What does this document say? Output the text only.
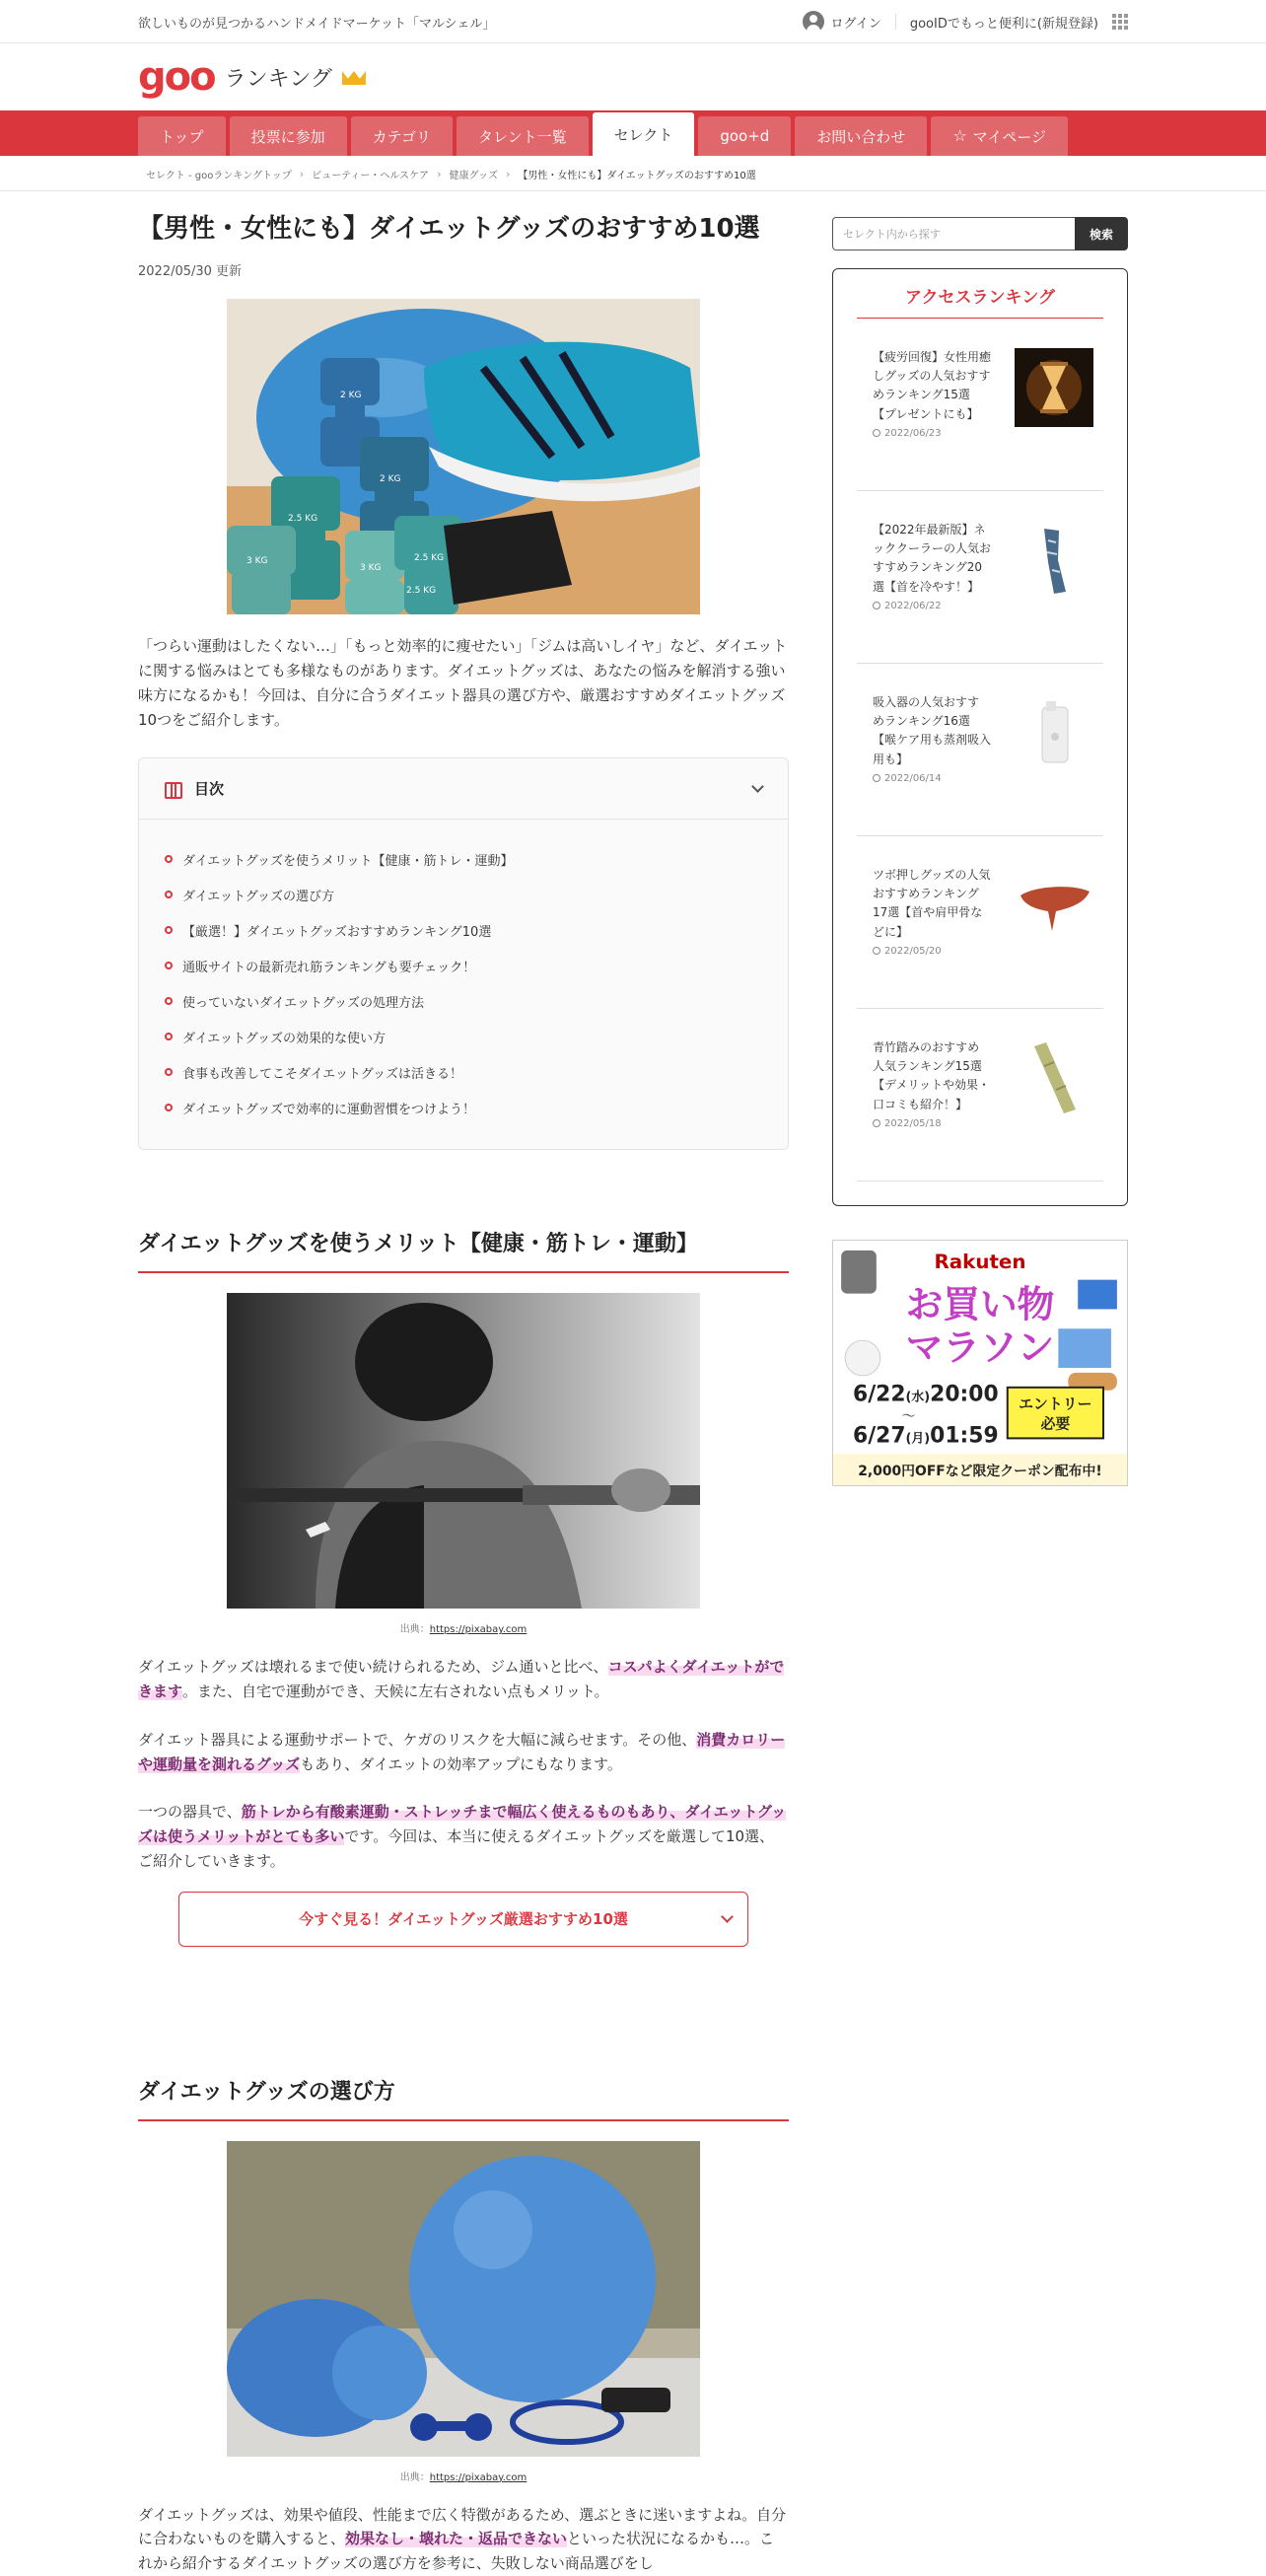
欲しいものが見つかるハンドメイドマーケット「マルシェル」	ログイン gooIDでもっと便利に(新規登録)
goo ランキング
トップ	投票に参加	カテゴリ	タレント一覧	セレクト	goo+d	お問い合わせ	☆ マイページ
セレクト - gooランキングトップ › ビューティー・ヘルスケア › 健康グッズ › 【男性・女性にも】ダイエットグッズのおすすめ10選
【男性・女性にも】ダイエットグッズのおすすめ10選
2022/05/30 更新
2 KG
2 KG
2.5 KG
2.5 KG
3 KG
3 KG
2.5 KG

「つらい運動はしたくない…」「もっと効率的に痩せたい」「ジムは高いしイヤ」など、ダイエットに関する悩みはとても多様なものがあります。ダイエットグッズは、あなたの悩みを解消する強い味方になるかも！今回は、自分に合うダイエット器具の選び方や、厳選おすすめダイエットグッズ10つをご紹介します。

目次
ダイエットグッズを使うメリット【健康・筋トレ・運動】
ダイエットグッズの選び方
【厳選！】ダイエットグッズおすすめランキング10選
通販サイトの最新売れ筋ランキングも要チェック！
使っていないダイエットグッズの処理方法
ダイエットグッズの効果的な使い方
食事も改善してこそダイエットグッズは活きる！
ダイエットグッズで効率的に運動習慣をつけよう！
ダイエットグッズを使うメリット【健康・筋トレ・運動】
出典：https://pixabay.com

ダイエットグッズは壊れるまで使い続けられるため、ジム通いと比べ、コスパよくダイエットができます。また、自宅で運動ができ、天候に左右されない点もメリット。

ダイエット器具による運動サポートで、ケガのリスクを大幅に減らせます。その他、消費カロリーや運動量を測れるグッズもあり、ダイエットの効率アップにもなります。

一つの器具で、筋トレから有酸素運動・ストレッチまで幅広く使えるものもあり、ダイエットグッズは使うメリットがとても多いです。今回は、本当に使えるダイエットグッズを厳選して10選、ご紹介していきます。

今すぐ見る！ダイエットグッズ厳選おすすめ10選
ダイエットグッズの選び方
出典：https://pixabay.com

ダイエットグッズは、効果や値段、性能まで広く特徴があるため、選ぶときに迷いますよね。自分に合わないものを購入すると、効果なし・壊れた・返品できないといった状況になるかも…。これから紹介するダイエットグッズの選び方を参考に、失敗しない商品選びをし

セレクト内から探す	検索
アクセスランキング
【疲労回復】女性用癒しグッズの人気おすすめランキング15選【プレゼントにも】
2022/06/23
【2022年最新版】ネッククーラーの人気おすすめランキング20選【首を冷やす！】
2022/06/22
吸入器の人気おすすめランキング16選【喉ケア用も蒸剤吸入用も】
2022/06/14
ツボ押しグッズの人気おすすめランキング17選【首や肩甲骨などに】
2022/05/20
青竹踏みのおすすめ人気ランキング15選【デメリットや効果・口コミも紹介！】
2022/05/18
Rakuten
お買い物
マラソン
6/22(水)20:00
〜
6/27(月)01:59
エントリー
必要
2,000円OFFなど限定クーポン配布中!
